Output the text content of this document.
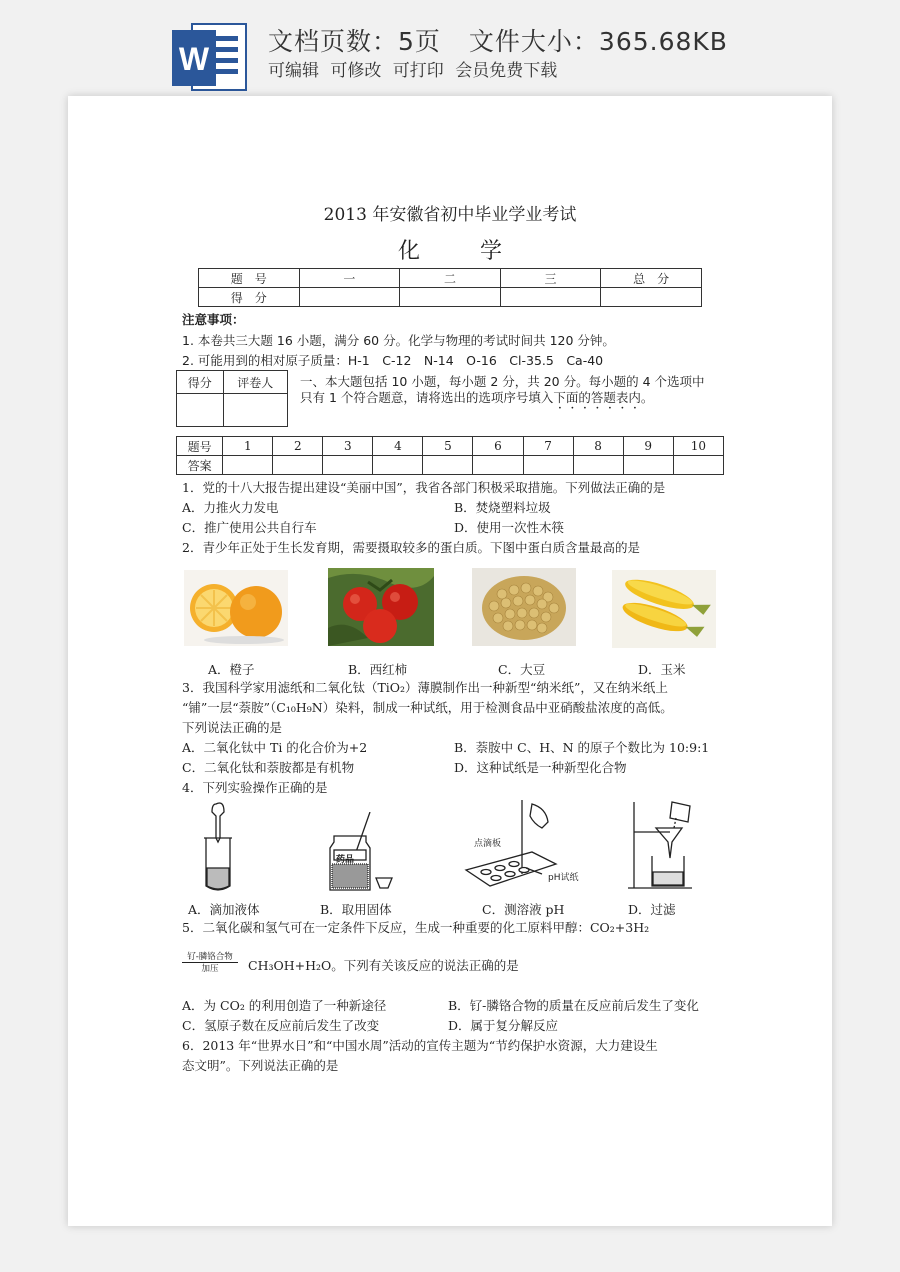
W 文档页数：5页 文件大小：365.68KB
可编辑 可修改 可打印 会员免费下载
2013 年安徽省初中毕业学业考试
化学
题　号	一	二	三	总　分
得　分				
注意事项：
1. 本卷共三大题 16 小题，满分 60 分。化学与物理的考试时间共 120 分钟。
2. 可能用到的相对原子质量：H-1　C-12　N-14　O-16　Cl-35.5　Ca-40
得分	评卷人
	一、本大题包括 10 小题，每小题 2 分，共 20 分。每小题的 4 个选项中
只有 1 个符合题意，请将选出的选项序号填入下面的答题表内。
题号	1	2	3	4	5	6	7	8	9	10
答案										
1．党的十八大报告提出建设“美丽中国”，我省各部门积极采取措施。下列做法正确的是
A．力推火力发电	B．焚烧塑料垃圾
C．推广使用公共自行车	D．使用一次性木筷
2．青少年正处于生长发育期，需要摄取较多的蛋白质。下图中蛋白质含量最高的是
A．橙子	B．西红柿	C．大豆	D．玉米
3．我国科学家用滤纸和二氧化钛（TiO₂）薄膜制作出一种新型“纳米纸”，又在纳米纸上
“铺”一层“萘胺”（C₁₀H₉N）染料，制成一种试纸，用于检测食品中亚硝酸盐浓度的高低。
下列说法正确的是
A．二氧化钛中 Ti 的化合价为+2	B．萘胺中 C、H、N 的原子个数比为 10:9:1
C．二氧化钛和萘胺都是有机物	D．这种试纸是一种新型化合物
4．下列实验操作正确的是
药品
点滴板
pH试纸
A．滴加液体	B．取用固体	C．测溶液 pH	D．过滤
5．二氧化碳和氢气可在一定条件下反应，生成一种重要的化工原料甲醇：CO₂+3H₂
钌-膦铬合物
加压	CH₃OH+H₂O。下列有关该反应的说法正确的是
A．为 CO₂ 的利用创造了一种新途径	B．钌-膦铬合物的质量在反应前后发生了变化
C．氢原子数在反应前后发生了改变	D．属于复分解反应
6．2013 年“世界水日”和“中国水周”活动的宣传主题为“节约保护水资源，大力建设生
态文明”。下列说法正确的是
